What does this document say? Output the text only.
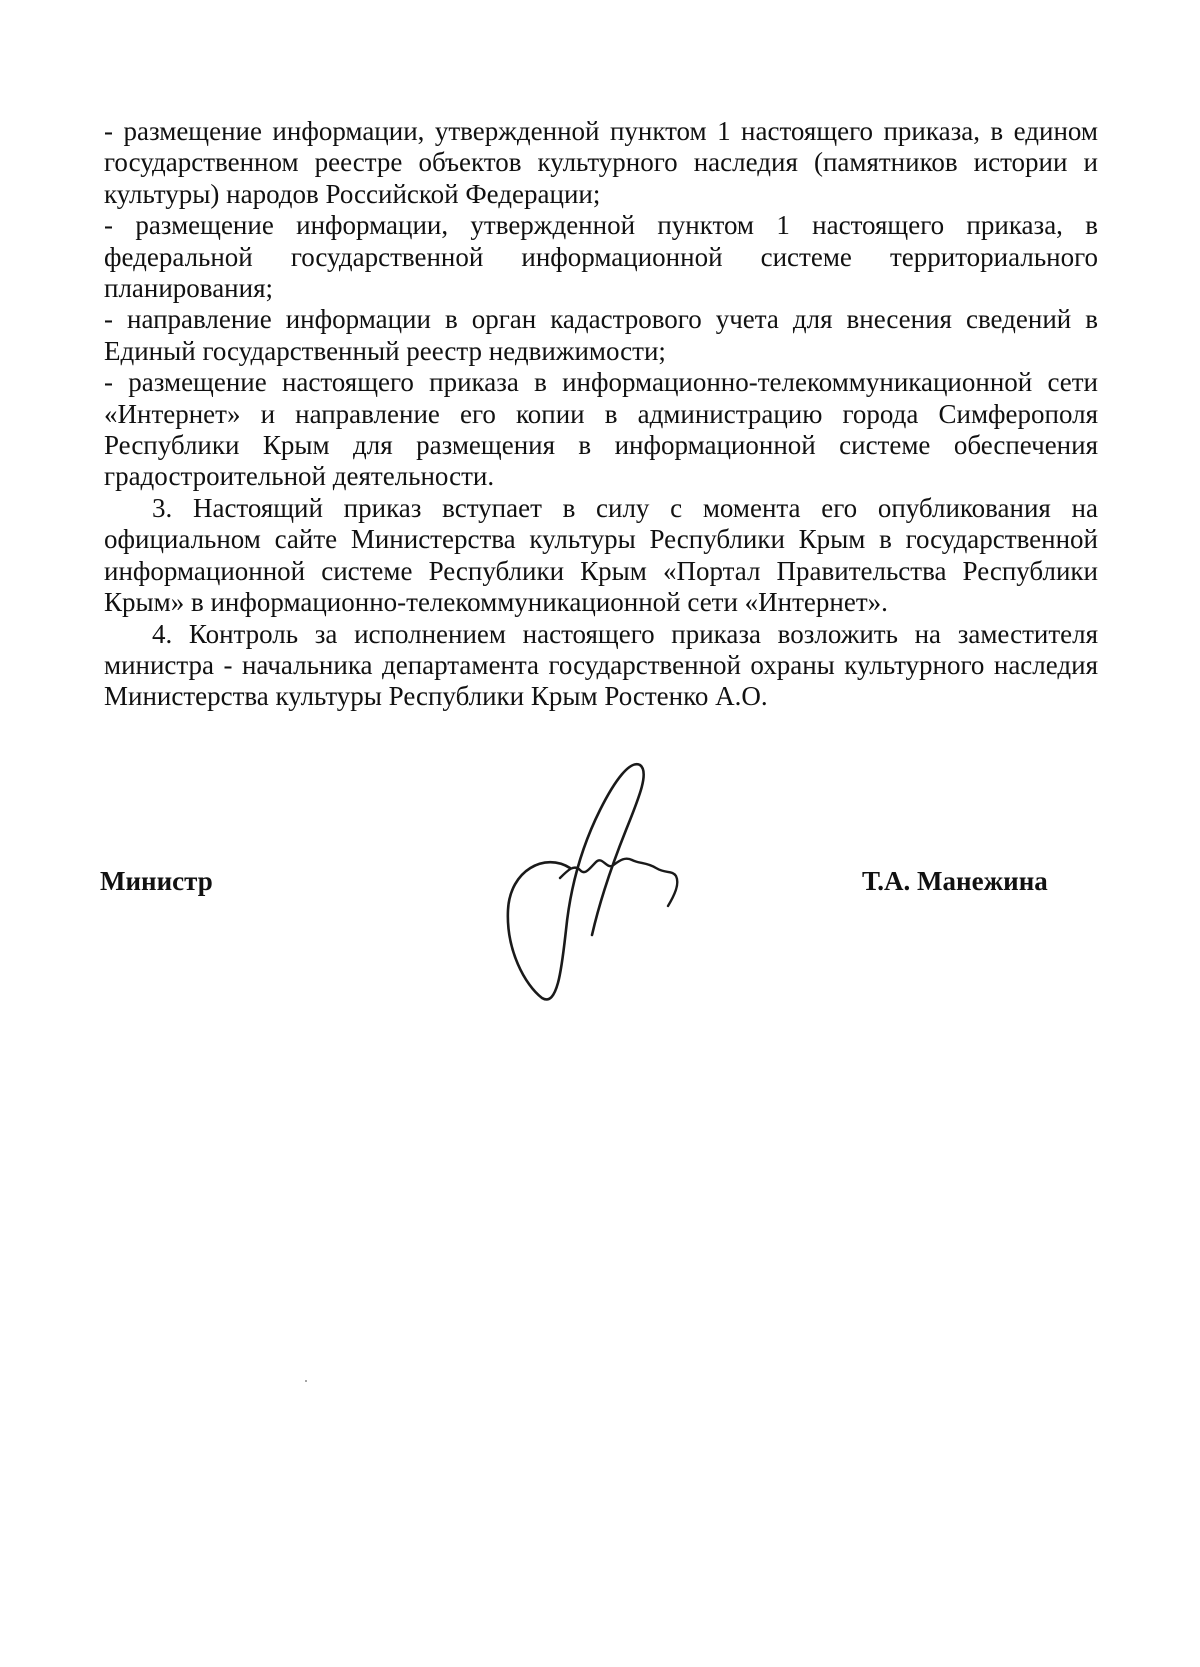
- размещение информации, утвержденной пунктом 1 настоящего приказа, в едином государственном реестре объектов культурного наследия (памятников истории и культуры) народов Российской Федерации;

- размещение информации, утвержденной пунктом 1 настоящего приказа, в федеральной государственной информационной системе территориального планирования;

- направление информации в орган кадастрового учета для внесения сведений в Единый государственный реестр недвижимости;

- размещение настоящего приказа в информационно-телекоммуникационной сети «Интернет» и направление его копии в администрацию города Симферополя Республики Крым для размещения в информационной системе обеспечения градостроительной деятельности.

3. Настоящий приказ вступает в силу с момента его опубликования на официальном сайте Министерства культуры Республики Крым в государственной информационной системе Республики Крым «Портал Правительства Республики Крым» в информационно-телекоммуникационной сети «Интернет».

4. Контроль за исполнением настоящего приказа возложить на заместителя министра - начальника департамента государственной охраны культурного наследия Министерства культуры Республики Крым Ростенко А.О.

Министр	Т.А. Манежина
